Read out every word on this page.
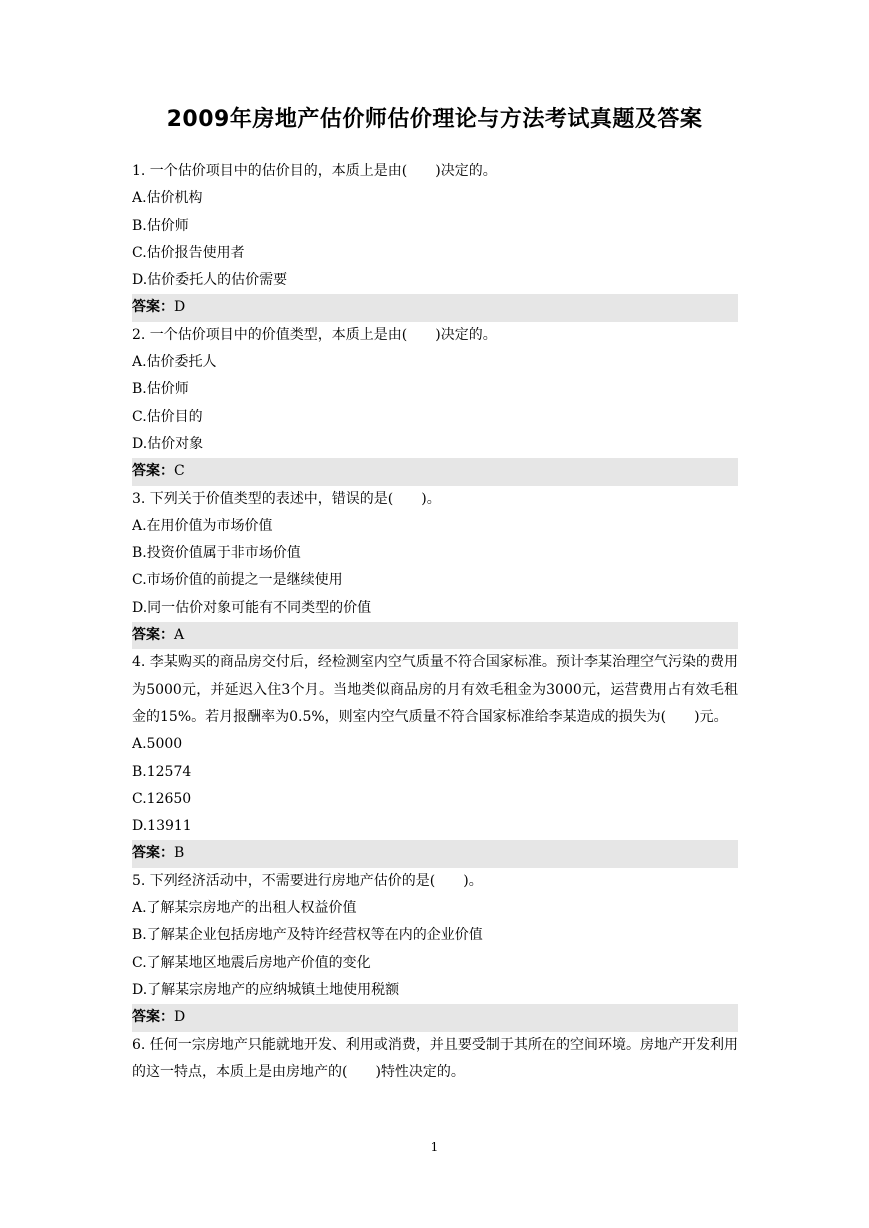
2009年房地产估价师估价理论与方法考试真题及答案
1. 一个估价项目中的估价目的，本质上是由(　　)决定的。
A.估价机构
B.估价师
C.估价报告使用者
D.估价委托人的估价需要
答案：D
2. 一个估价项目中的价值类型，本质上是由(　　)决定的。
A.估价委托人
B.估价师
C.估价目的
D.估价对象
答案：C
3. 下列关于价值类型的表述中，错误的是(　　)。
A.在用价值为市场价值
B.投资价值属于非市场价值
C.市场价值的前提之一是继续使用
D.同一估价对象可能有不同类型的价值
答案：A
4. 李某购买的商品房交付后，经检测室内空气质量不符合国家标准。预计李某治理空气污染的费用为5000元，并延迟入住3个月。当地类似商品房的月有效毛租金为3000元，运营费用占有效毛租金的15%。若月报酬率为0.5%，则室内空气质量不符合国家标准给李某造成的损失为(　　)元。
A.5000
B.12574
C.12650
D.13911
答案：B
5. 下列经济活动中，不需要进行房地产估价的是(　　)。
A.了解某宗房地产的出租人权益价值
B.了解某企业包括房地产及特许经营权等在内的企业价值
C.了解某地区地震后房地产价值的变化
D.了解某宗房地产的应纳城镇土地使用税额
答案：D
6. 任何一宗房地产只能就地开发、利用或消费，并且要受制于其所在的空间环境。房地产开发利用的这一特点，本质上是由房地产的(　　)特性决定的。
1
